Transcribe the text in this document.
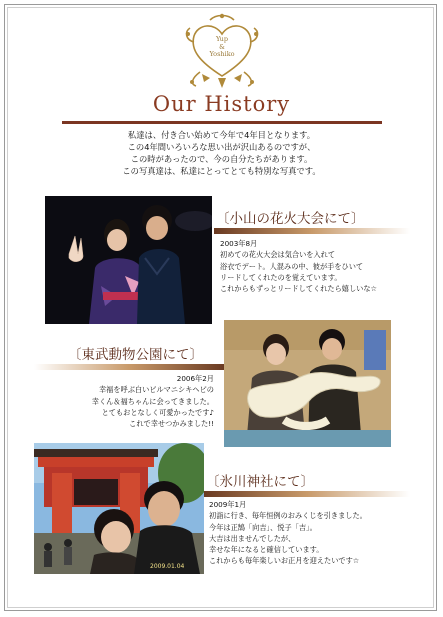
Yup
&
Yoshiko
Our History
私達は、付き合い始めて今年で4年目となります。
この4年間いろいろな思い出が沢山あるのですが、
この時があったので、今の自分たちがあります。
この写真達は、私達にとってとても特別な写真です。
〔小山の花火大会にて〕
2003年8月
初めての花火大会は気合いを入れて
浴衣でデート。人混みの中、彼が手をひいて
リードしてくれたのを覚えています。
これからもずっとリードしてくれたら嬉しいな☆
〔東武動物公園にて〕
2006年2月
幸福を呼ぶ白いビルマニシキヘビの
幸くん＆福ちゃんに会ってきました。
とてもおとなしく可愛かったです♪
これで幸せつかみました!!
2009.01.04
〔氷川神社にて〕
2009年1月
初詣に行き、毎年恒例のおみくじを引きました。
今年は正鵠「向吉」、悦子「吉」。
大吉は出ませんでしたが、
幸せな年になると確信しています。
これからも毎年楽しいお正月を迎えたいです☆
